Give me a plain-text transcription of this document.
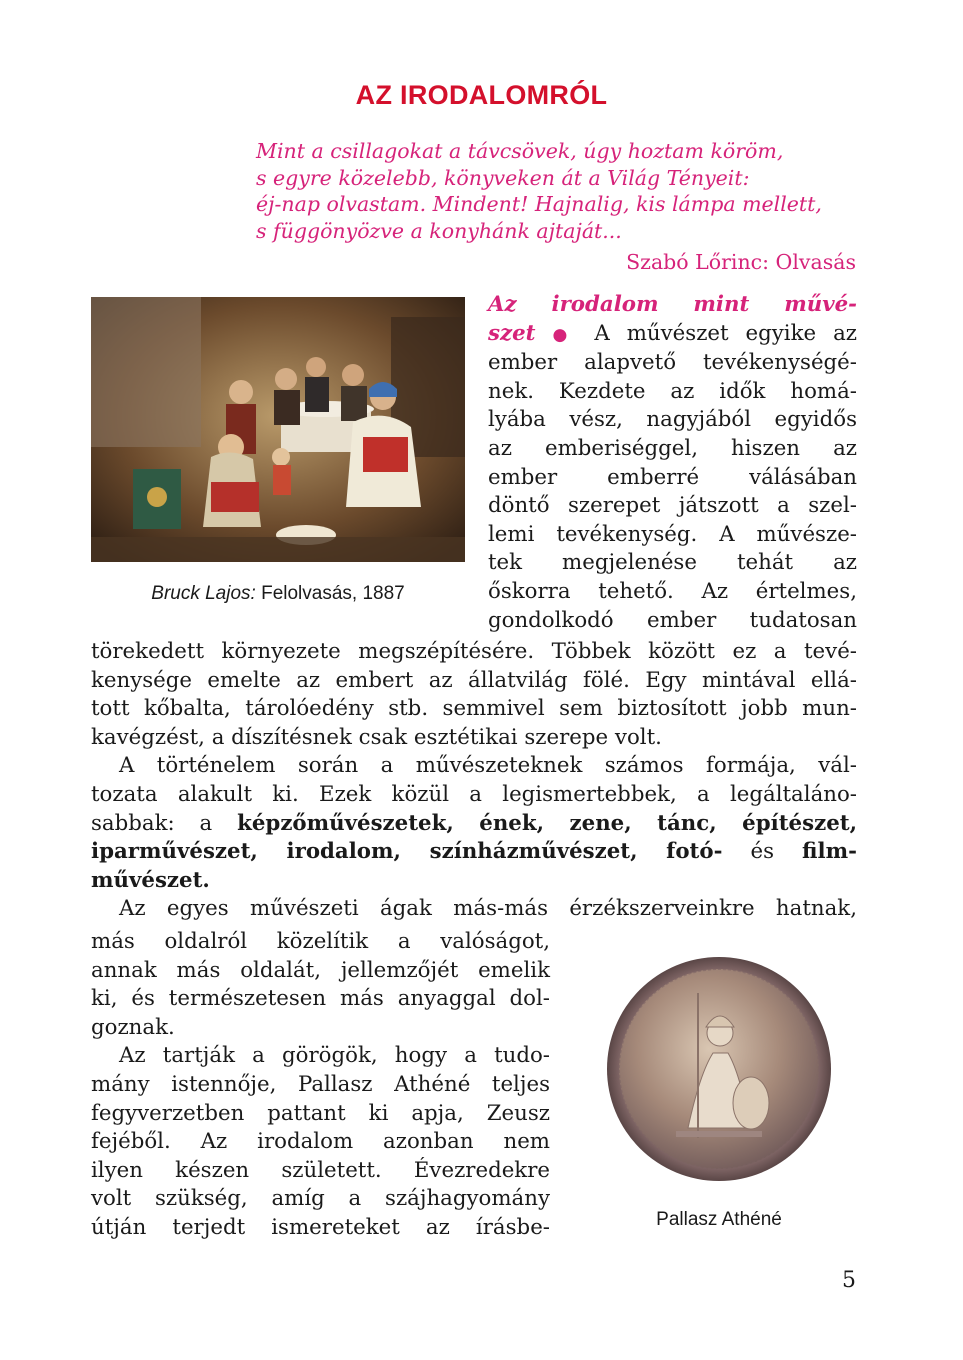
AZ IRODALOMRÓL
Mint a csillagokat a távcsövek, úgy hoztam köröm,
s egyre közelebb, könyveken át a Világ Tényeit:
éj-nap olvastam. Mindent! Hajnalig, kis lámpa mellett,
s függönyözve a konyhánk ajtaját...
Szabó Lőrinc: Olvasás
Bruck Lajos: Felolvasás, 1887
Az irodalom mint művé-
szet ● A művészet egyike az
ember alapvető tevékenységé-
nek. Kezdete az idők homá-
lyába vész, nagyjából egyidős
az emberiséggel, hiszen az
ember emberré válásában
döntő szerepet játszott a szel-
lemi tevékenység. A művésze-
tek megjelenése tehát az
őskorra tehető. Az értelmes,
gondolkodó ember tudatosan
törekedett környezete megszépítésére. Többek között ez a tevé-
kenysége emelte az embert az állatvilág fölé. Egy mintával ellá-
tott kőbalta, tárolóedény stb. semmivel sem biztosított jobb mun-
kavégzést, a díszítésnek csak esztétikai szerepe volt.
A történelem során a művészeteknek számos formája, vál-
tozata alakult ki. Ezek közül a legismertebbek, a legáltaláno-
sabbak: a képzőművészetek, ének, zene, tánc, építészet,
iparművészet, irodalom, színházművészet, fotó- és film-
művészet.
Az egyes művészeti ágak más-más érzékszerveinkre hatnak,
más oldalról közelítik a valóságot,
annak más oldalát, jellemzőjét emelik
ki, és természetesen más anyaggal dol-
goznak.
Az tartják a görögök, hogy a tudo-
mány istennője, Pallasz Athéné teljes
fegyverzetben pattant ki apja, Zeusz
fejéből. Az irodalom azonban nem
ilyen készen született. Évezredekre
volt szükség, amíg a szájhagyomány
útján terjedt ismereteket az írásbe-	Pallasz Athéné
5
